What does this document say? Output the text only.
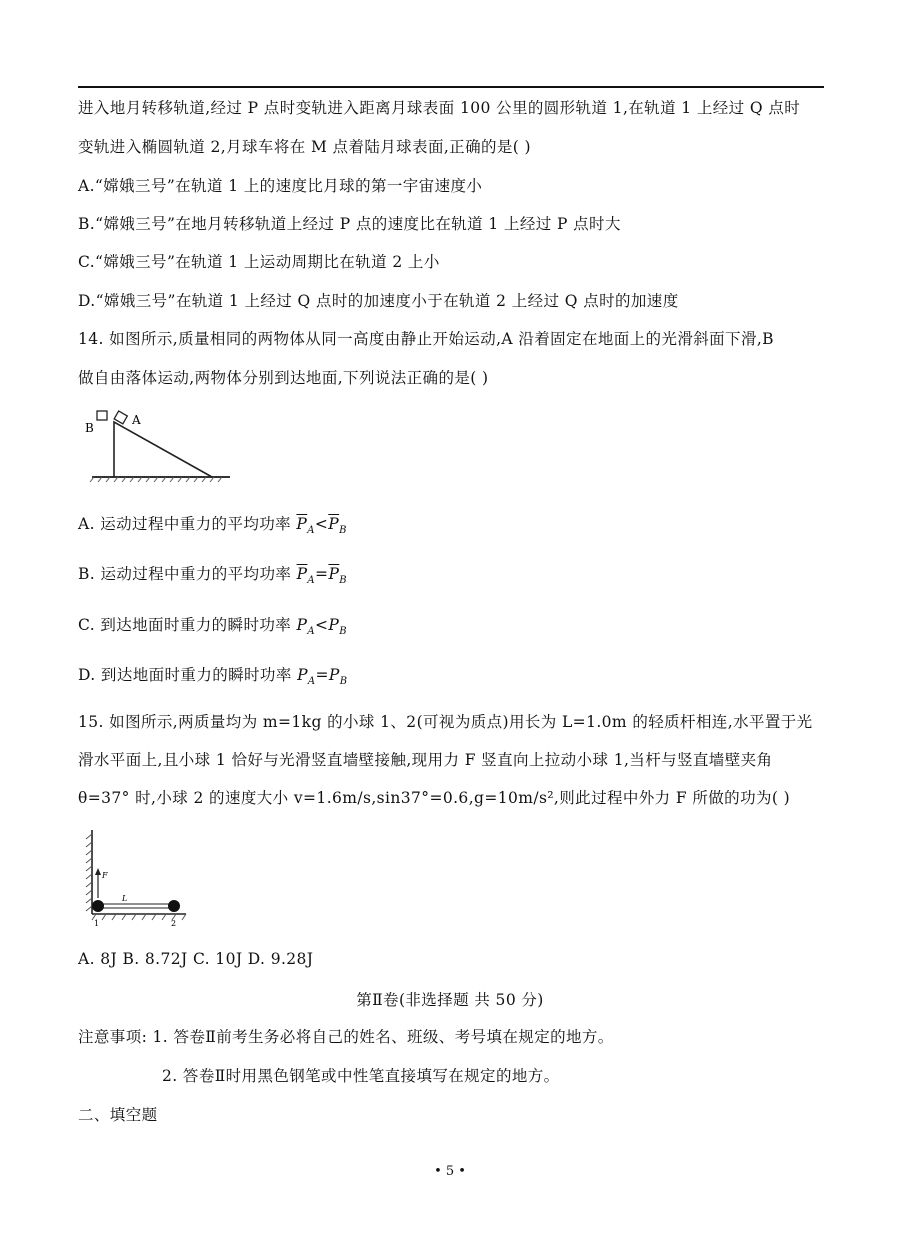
进入地月转移轨道,经过 P 点时变轨进入距离月球表面 100 公里的圆形轨道 1,在轨道 1 上经过 Q 点时
变轨进入椭圆轨道 2,月球车将在 M 点着陆月球表面,正确的是( )
A.“嫦娥三号”在轨道 1 上的速度比月球的第一宇宙速度小
B.“嫦娥三号”在地月转移轨道上经过 P 点的速度比在轨道 1 上经过 P 点时大
C.“嫦娥三号”在轨道 1 上运动周期比在轨道 2 上小
D.“嫦娥三号”在轨道 1 上经过 Q 点时的加速度小于在轨道 2 上经过 Q 点时的加速度
14. 如图所示,质量相同的两物体从同一高度由静止开始运动,A 沿着固定在地面上的光滑斜面下滑,B
做自由落体运动,两物体分别到达地面,下列说法正确的是( )
B
A
A. 运动过程中重力的平均功率 $\overline{P}_A<\overline{P}_B$
B. 运动过程中重力的平均功率 $\overline{P}_A=\overline{P}_B$
C. 到达地面时重力的瞬时功率 $P_A<P_B$
D. 到达地面时重力的瞬时功率 $P_A=P_B$
15. 如图所示,两质量均为 m=1kg 的小球 1、2(可视为质点)用长为 L=1.0m 的轻质杆相连,水平置于光
滑水平面上,且小球 1 恰好与光滑竖直墙壁接触,现用力 F 竖直向上拉动小球 1,当杆与竖直墙壁夹角
θ=37° 时,小球 2 的速度大小 v=1.6m/s,sin37°=0.6,g=10m/s²,则此过程中外力 F 所做的功为( )
F
L
1	2
A. 8J B. 8.72J C. 10J D. 9.28J
第Ⅱ卷(非选择题 共 50 分)
注意事项: 1. 答卷Ⅱ前考生务必将自己的姓名、班级、考号填在规定的地方。
2. 答卷Ⅱ时用黑色钢笔或中性笔直接填写在规定的地方。
二、填空题
• 5 •
